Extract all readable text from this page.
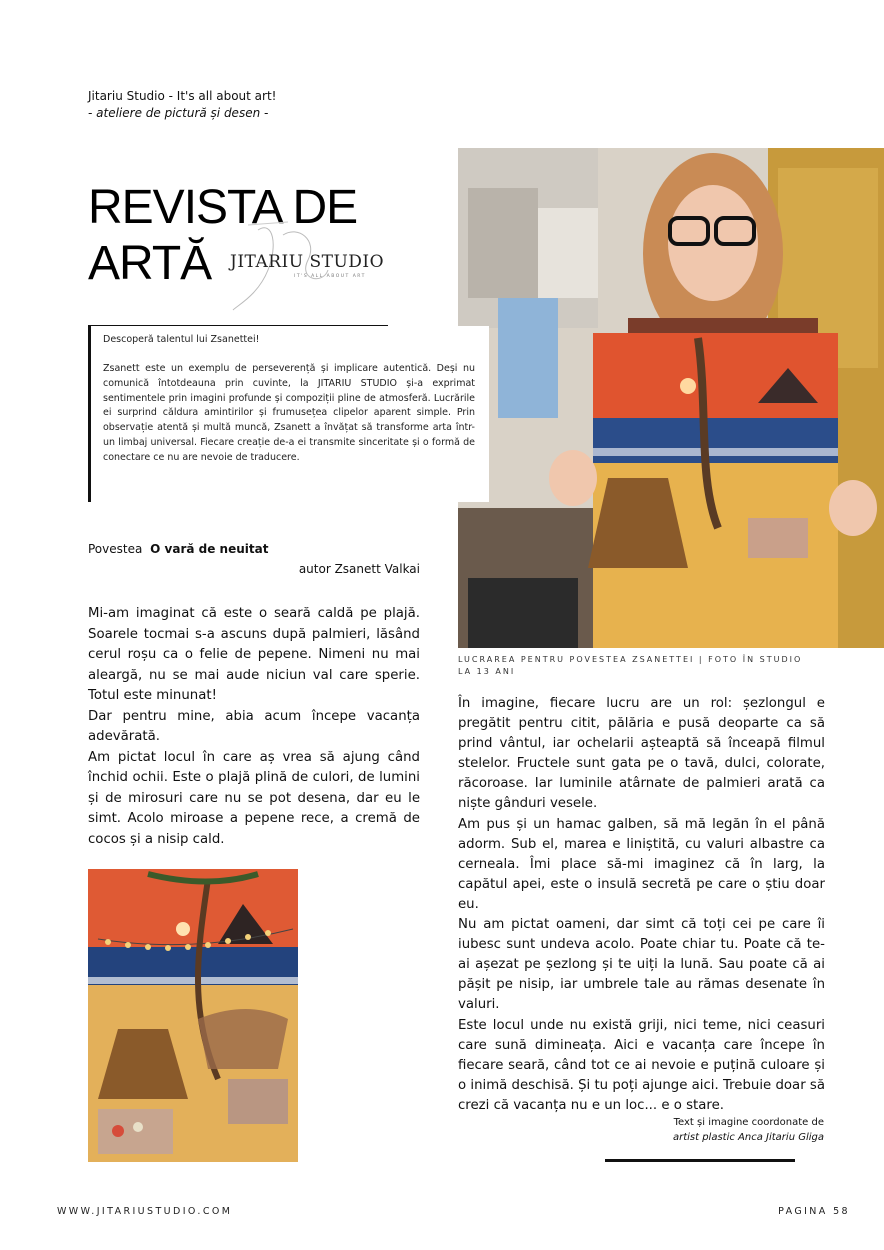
Jitariu Studio - It's all about art!
- ateliere de pictură și desen -
REVISTA DE
ARTĂ	JITARIU STUDIO
IT'S ALL ABOUT ART
Descoperă talentul lui Zsanettei!
Zsanett este un exemplu de perseverență și implicare autentică. Deși nu comunică întotdeauna prin cuvinte, la JITARIU STUDIO și-a exprimat sentimentele prin imagini profunde și compoziții pline de atmosferă. Lucrările ei surprind căldura amintirilor și frumusețea clipelor aparent simple. Prin observație atentă și multă muncă, Zsanett a învățat să transforme arta într-un limbaj universal. Fiecare creație de-a ei transmite sinceritate și o formă de conectare ce nu are nevoie de traducere.
LUCRAREA PENTRU POVESTEA ZSANETTEI | FOTO ÎN STUDIO LA 13 ANI
Povestea O vară de neuitat
autor Zsanett Valkai

Mi-am imaginat că este o seară caldă pe plajă. Soarele tocmai s-a ascuns după palmieri, lăsând cerul roșu ca o felie de pepene. Nimeni nu mai aleargă, nu se mai aude niciun val care sperie. Totul este minunat!

Dar pentru mine, abia acum începe vacanța adevărată.

Am pictat locul în care aș vrea să ajung când închid ochii. Este o plajă plină de culori, de lumini și de mirosuri care nu se pot desena, dar eu le simt. Acolo miroase a pepene rece, a cremă de cocos și a nisip cald.

În imagine, fiecare lucru are un rol: șezlongul e pregătit pentru citit, pălăria e pusă deoparte ca să prind vântul, iar ochelarii așteaptă să înceapă filmul stelelor. Fructele sunt gata pe o tavă, dulci, colorate, răcoroase. Iar luminile atârnate de palmieri arată ca niște gânduri vesele.

Am pus și un hamac galben, să mă legăn în el până adorm. Sub el, marea e liniștită, cu valuri albastre ca cerneala. Îmi place să-mi imaginez că în larg, la capătul apei, este o insulă secretă pe care o știu doar eu.

Nu am pictat oameni, dar simt că toți cei pe care îi iubesc sunt undeva acolo. Poate chiar tu. Poate că te-ai așezat pe șezlong și te uiți la lună. Sau poate că ai pășit pe nisip, iar umbrele tale au rămas desenate în valuri.

Este locul unde nu există griji, nici teme, nici ceasuri care sună dimineața. Aici e vacanța care începe în fiecare seară, când tot ce ai nevoie e puțină culoare și o inimă deschisă. Și tu poți ajunge aici. Trebuie doar să crezi că vacanța nu e un loc... e o stare.

Text și imagine coordonate de
artist plastic Anca Jitariu Gliga
WWW.JITARIUSTUDIO.COM	PAGINA 58
